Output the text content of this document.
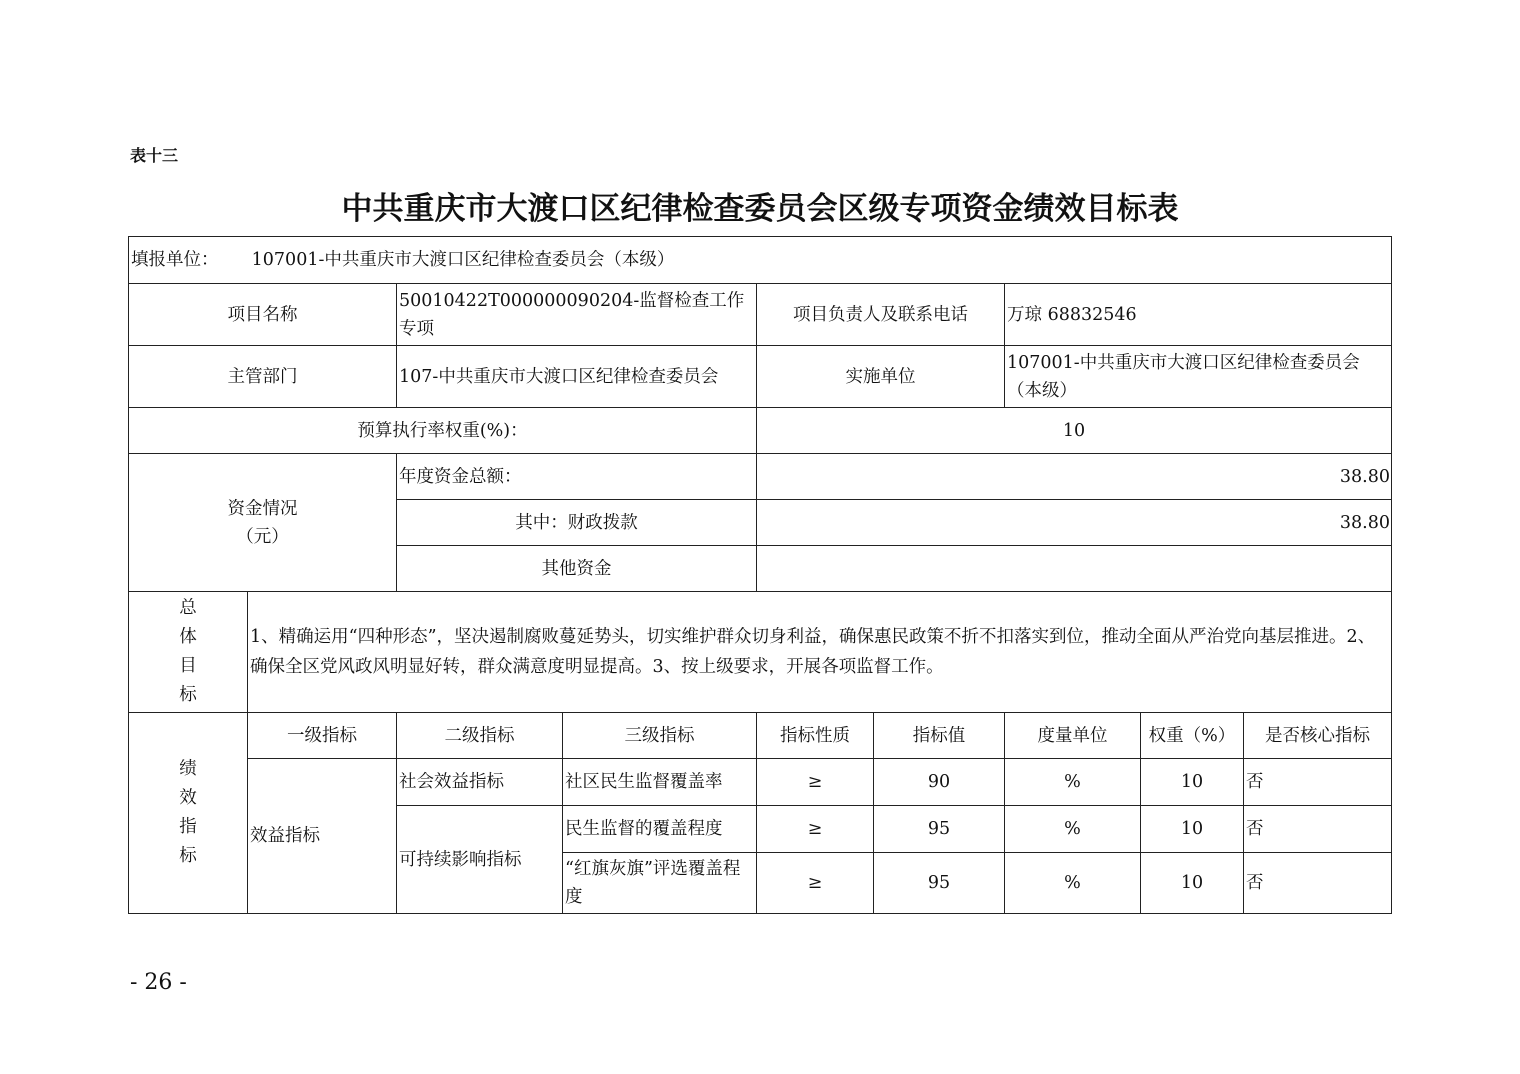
表十三
中共重庆市大渡口区纪律检查委员会区级专项资金绩效目标表
填报单位： 107001-中共重庆市大渡口区纪律检查委员会（本级）								
项目名称		50010422T000000090204-监督检查工作专项		项目负责人及联系电话		万琼 68832546		
主管部门		107-中共重庆市大渡口区纪律检查委员会		实施单位		107001-中共重庆市大渡口区纪律检查委员会（本级）		
预算执行率权重(%)：				10				

资金情况
（元）		年度资金总额：		38.80				
		其中：财政拨款		38.80				
		其他资金						

总
体
目
标	1、精确运用“四种形态”，坚决遏制腐败蔓延势头，切实维护群众切身利益，确保惠民政策不折不扣落实到位，推动全面从严治党向基层推进。2、确保全区党风政风明显好转，群众满意度明显提高。3、按上级要求，开展各项监督工作。							

绩
效
指
标	一级指标	二级指标	三级指标	指标性质	指标值	度量单位	权重（%）	是否核心指标
	效益指标	社会效益指标	社区民生监督覆盖率	≥	90	%	10	否
		可持续影响指标	民生监督的覆盖程度	≥	95	%	10	否
			“红旗灰旗”评选覆盖程度	≥	95	%	10	否
- 26 -
